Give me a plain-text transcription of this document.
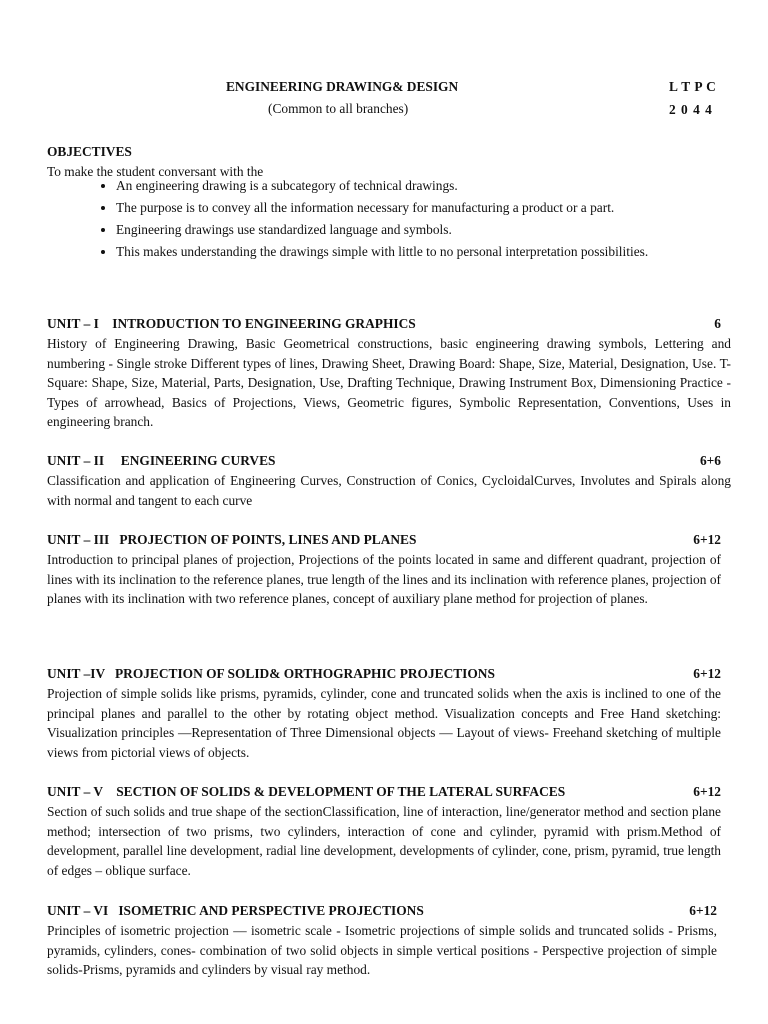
ENGINEERING DRAWING& DESIGN
(Common to all branches)
L T P C
2 0 4 4
OBJECTIVES
To make the student conversant with the
• An engineering drawing is a subcategory of technical drawings.
• The purpose is to convey all the information necessary for manufacturing a product or a part.
• Engineering drawings use standardized language and symbols.
• This makes understanding the drawings simple with little to no personal interpretation possibilities.
UNIT – I INTRODUCTION TO ENGINEERING GRAPHICS	6
History of Engineering Drawing, Basic Geometrical constructions, basic engineering drawing symbols, Lettering and numbering - Single stroke Different types of lines, Drawing Sheet, Drawing Board: Shape, Size, Material, Designation, Use. T-Square: Shape, Size, Material, Parts, Designation, Use, Drafting Technique, Drawing Instrument Box, Dimensioning Practice - Types of arrowhead, Basics of Projections, Views, Geometric figures, Symbolic Representation, Conventions, Uses in engineering branch.
UNIT – II ENGINEERING CURVES	6+6
Classification and application of Engineering Curves, Construction of Conics, CycloidalCurves, Involutes and Spirals along with normal and tangent to each curve
UNIT – III PROJECTION OF POINTS, LINES AND PLANES	6+12
Introduction to principal planes of projection, Projections of the points located in same and different quadrant, projection of lines with its inclination to the reference planes, true length of the lines and its inclination with reference planes, projection of planes with its inclination with two reference planes, concept of auxiliary plane method for projection of planes.
UNIT –IV PROJECTION OF SOLID& ORTHOGRAPHIC PROJECTIONS	6+12
Projection of simple solids like prisms, pyramids, cylinder, cone and truncated solids when the axis is inclined to one of the principal planes and parallel to the other by rotating object method. Visualization concepts and Free Hand sketching: Visualization principles —Representation of Three Dimensional objects — Layout of views- Freehand sketching of multiple views from pictorial views of objects.
UNIT – V SECTION OF SOLIDS & DEVELOPMENT OF THE LATERAL SURFACES	6+12
Section of such solids and true shape of the sectionClassification, line of interaction, line/generator method and section plane method; intersection of two prisms, two cylinders, interaction of cone and cylinder, pyramid with prism.Method of development, parallel line development, radial line development, developments of cylinder, cone, prism, pyramid, true length of edges – oblique surface.
UNIT – VI ISOMETRIC AND PERSPECTIVE PROJECTIONS	6+12
Principles of isometric projection — isometric scale - Isometric projections of simple solids and truncated solids - Prisms, pyramids, cylinders, cones- combination of two solid objects in simple vertical positions - Perspective projection of simple solids-Prisms, pyramids and cylinders by visual ray method.
